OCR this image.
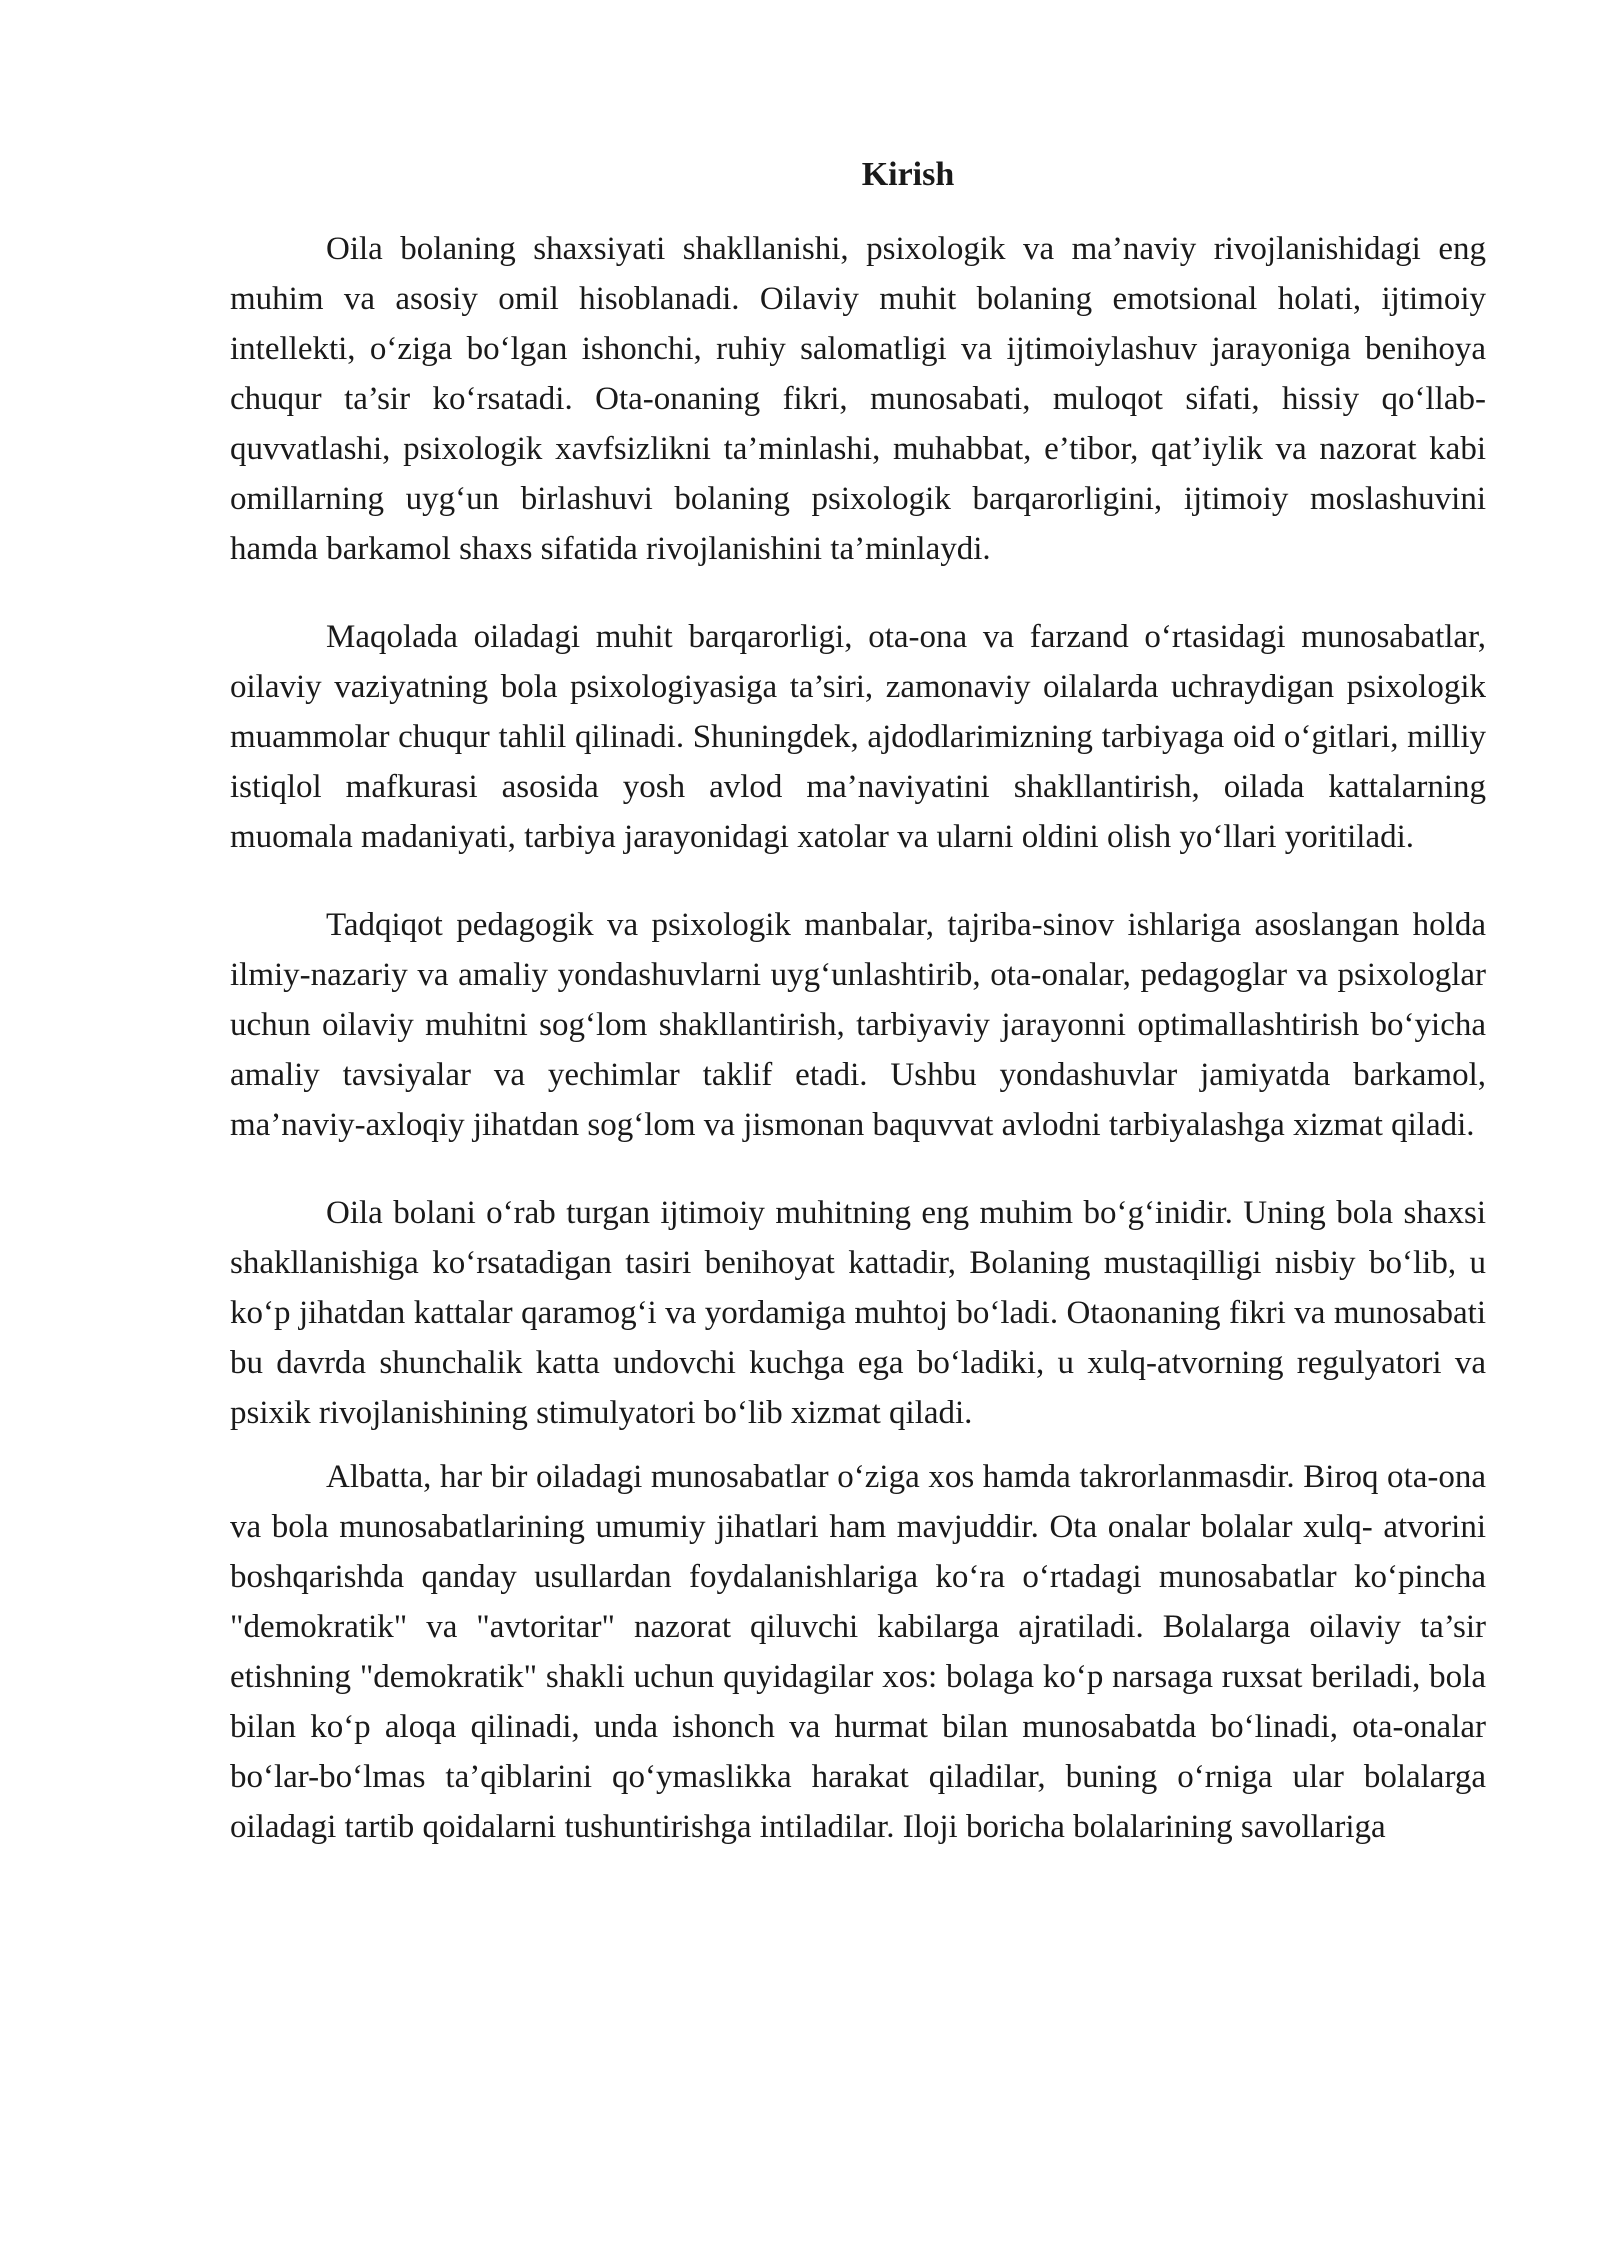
Kirish

Oila bolaning shaxsiyati shakllanishi, psixologik va ma’naviy rivojlanishidagi eng muhim va asosiy omil hisoblanadi. Oilaviy muhit bolaning emotsional holati, ijtimoiy intellekti, o‘ziga bo‘lgan ishonchi, ruhiy salomatligi va ijtimoiylashuv jarayoniga benihoya chuqur ta’sir ko‘rsatadi. Ota-onaning fikri, munosabati, muloqot sifati, hissiy qo‘llab-quvvatlashi, psixologik xavfsizlikni ta’minlashi, muhabbat, e’tibor, qat’iylik va nazorat kabi omillarning uyg‘un birlashuvi bolaning psixologik barqarorligini, ijtimoiy moslashuvini hamda barkamol shaxs sifatida rivojlanishini ta’minlaydi.

Maqolada oiladagi muhit barqarorligi, ota-ona va farzand o‘rtasidagi munosabatlar, oilaviy vaziyatning bola psixologiyasiga ta’siri, zamonaviy oilalarda uchraydigan psixologik muammolar chuqur tahlil qilinadi. Shuningdek, ajdodlarimizning tarbiyaga oid o‘gitlari, milliy istiqlol mafkurasi asosida yosh avlod ma’naviyatini shakllantirish, oilada kattalarning muomala madaniyati, tarbiya jarayonidagi xatolar va ularni oldini olish yo‘llari yoritiladi.

Tadqiqot pedagogik va psixologik manbalar, tajriba-sinov ishlariga asoslangan holda ilmiy-nazariy va amaliy yondashuvlarni uyg‘unlashtirib, ota-onalar, pedagoglar va psixologlar uchun oilaviy muhitni sog‘lom shakllantirish, tarbiyaviy jarayonni optimallashtirish bo‘yicha amaliy tavsiyalar va yechimlar taklif etadi. Ushbu yondashuvlar jamiyatda barkamol, ma’naviy-axloqiy jihatdan sog‘lom va jismonan baquvvat avlodni tarbiyalashga xizmat qiladi.

Oila bolani o‘rab turgan ijtimoiy muhitning eng muhim bo‘g‘inidir. Uning bola shaxsi shakllanishiga ko‘rsatadigan tasiri benihoyat kattadir, Bolaning mustaqilligi nisbiy bo‘lib, u ko‘p jihatdan kattalar qaramog‘i va yordamiga muhtoj bo‘ladi. Otaonaning fikri va munosabati bu davrda shunchalik katta undovchi kuchga ega bo‘ladiki, u xulq-atvorning regulyatori va psixik rivojlanishining stimulyatori bo‘lib xizmat qiladi.

Albatta, har bir oiladagi munosabatlar o‘ziga xos hamda takrorlanmasdir. Biroq ota-ona va bola munosabatlarining umumiy jihatlari ham mavjuddir. Ota onalar bolalar xulq- atvorini boshqarishda qanday usullardan foydalanishlariga ko‘ra o‘rtadagi munosabatlar ko‘pincha "demokratik" va "avtoritar" nazorat qiluvchi kabilarga ajratiladi. Bolalarga oilaviy ta’sir etishning "demokratik" shakli uchun quyidagilar xos: bolaga ko‘p narsaga ruxsat beriladi, bola bilan ko‘p aloqa qilinadi, unda ishonch va hurmat bilan munosabatda bo‘linadi, ota-onalar bo‘lar-bo‘lmas ta’qiblarini qo‘ymaslikka harakat qiladilar, buning o‘rniga ular bolalarga oiladagi tartib qoidalarni tushuntirishga intiladilar. Iloji boricha bolalarining savollariga
